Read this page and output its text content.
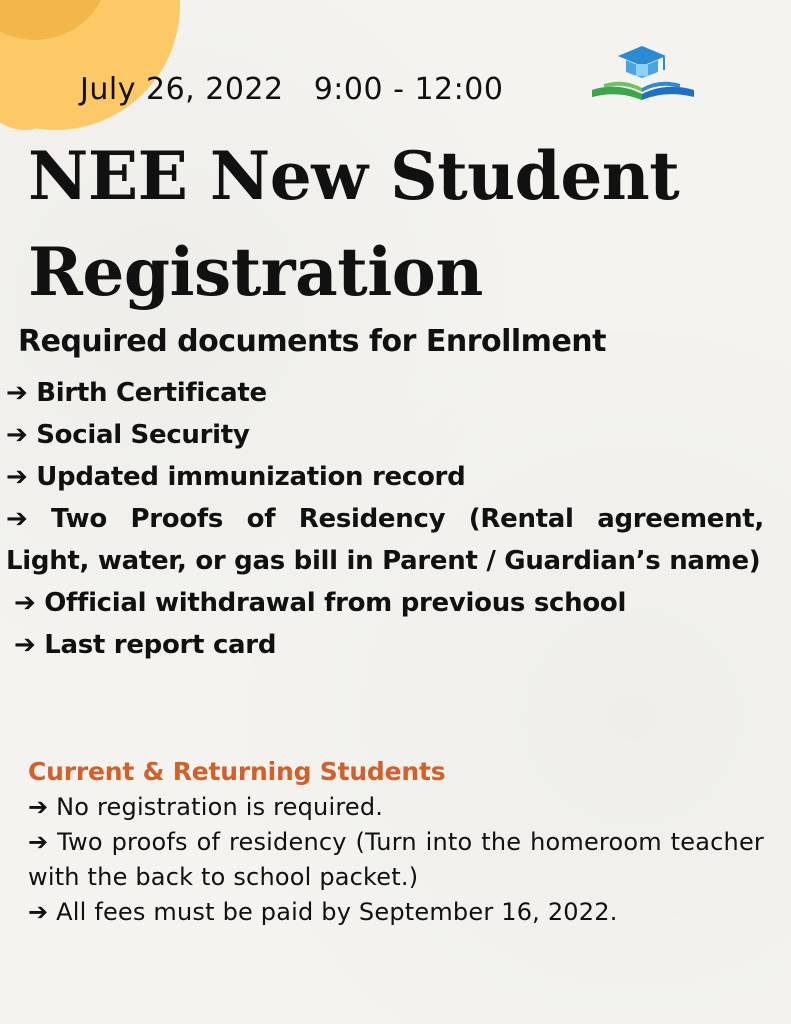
July 26, 2022   9:00 - 12:00
NEE New Student
Registration
Required documents for Enrollment
➔ Birth Certificate
➔ Social Security
➔ Updated immunization record
➔ Two Proofs of Residency (Rental agreement, Light, water, or gas bill in Parent / Guardian’s name)
➔ Official withdrawal from previous school
➔ Last report card
Current & Returning Students
➔ No registration is required.
➔ Two proofs of residency (Turn into the homeroom teacher with the back to school packet.)
➔ All fees must be paid by September 16, 2022.
